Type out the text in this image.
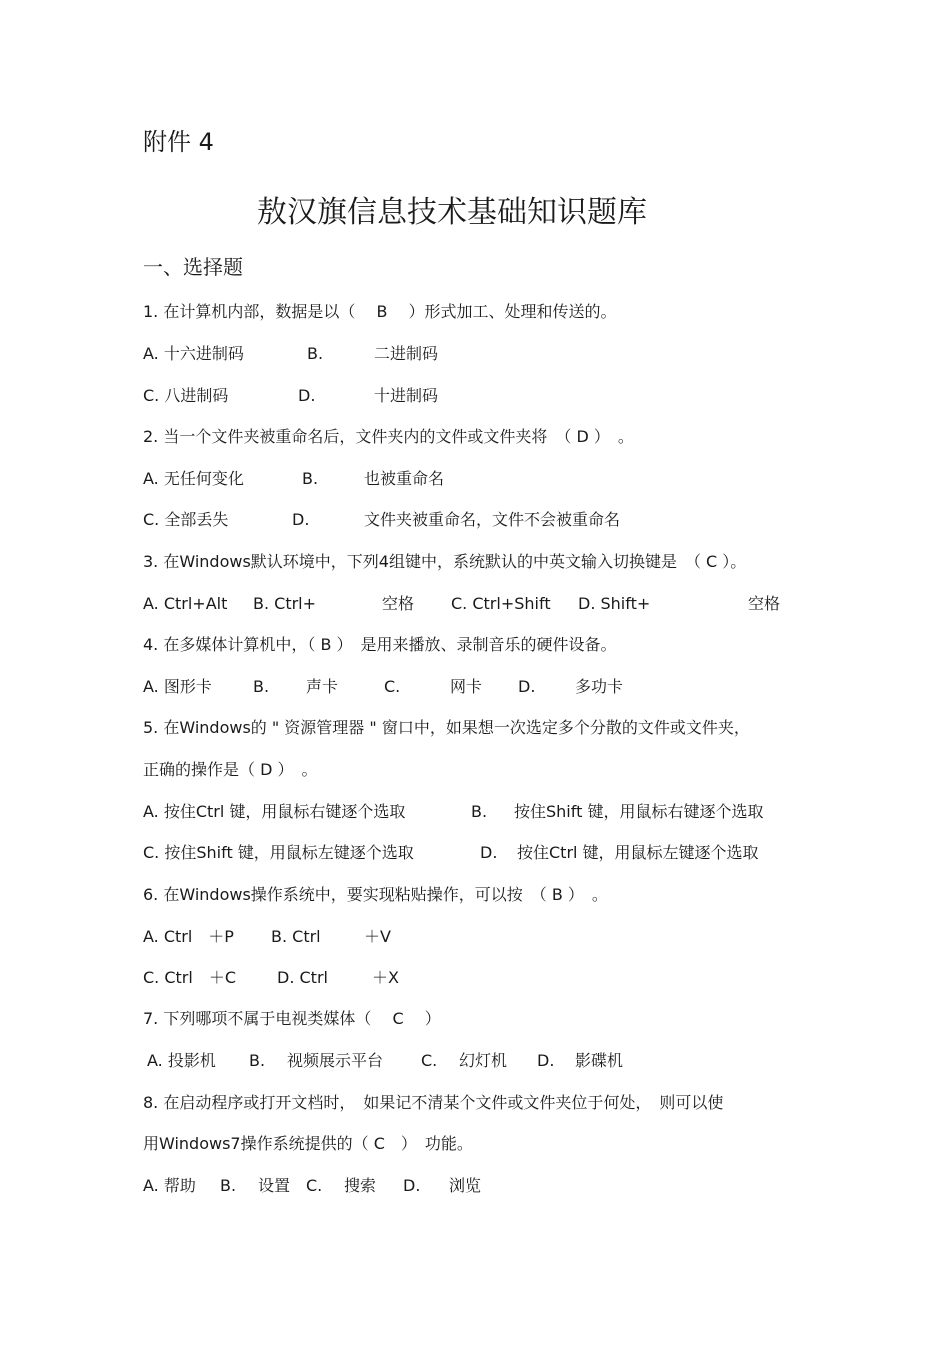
附件 4
敖汉旗信息技术基础知识题库
一、选择题
1. 在计算机内部，数据是以（　 B　 ）形式加工、处理和传送的。
A. 十六进制码	B.	二进制码
C. 八进制码	D.	十进制码
2. 当一个文件夹被重命名后，文件夹内的文件或文件夹将　（ D ）　。
A. 无任何变化	B.	也被重命名
C. 全部丢失	D.	文件夹被重命名，文件不会被重命名
3. 在Windows默认环境中，下列4组键中，系统默认的中英文输入切换键是　（ C ）。
A. Ctrl+Alt B. Ctrl+	空格 C. Ctrl+Shift D. Shift+	空格
4. 在多媒体计算机中，（ B ）　是用来播放、录制音乐的硬件设备。
A. 图形卡	B. 声卡	C.	网卡 D. 多功卡
5. 在Windows的 " 资源管理器 " 窗口中，如果想一次选定多个分散的文件或文件夹，
正确的操作是（ D ）　。
A. 按住Ctrl 键，用鼠标右键逐个选取	B. 按住Shift 键，用鼠标右键逐个选取
C. 按住Shift 键，用鼠标左键逐个选取	D. 按住Ctrl 键，用鼠标左键逐个选取
6. 在Windows操作系统中，要实现粘贴操作，可以按　（ B ）　。
A. Ctrl　＋P B. Ctrl	＋V
C. Ctrl　＋C	D. Ctrl	＋X
7. 下列哪项不属于电视类媒体（　 C　 ）
A. 投影机 B. 视频展示平台 C. 幻灯机 D. 影碟机
8. 在启动程序或打开文档时，　如果记不清某个文件或文件夹位于何处，　则可以使
用Windows7操作系统提供的（ C　）　功能。
A. 帮助 B. 设置 C. 搜索 D. 浏览
